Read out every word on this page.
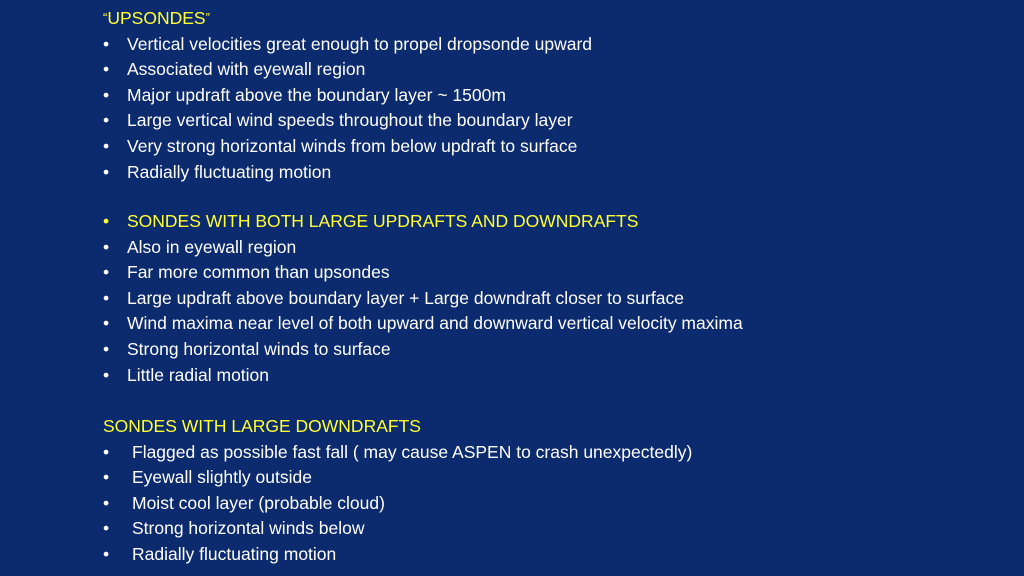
“UPSONDES”
•	Vertical velocities great enough to propel dropsonde upward
•	Associated with eyewall region
•	Major updraft above the boundary layer ~ 1500m
•	Large vertical wind speeds throughout the boundary layer
•	Very strong horizontal winds from below updraft to surface
•	Radially fluctuating motion
•	SONDES WITH BOTH LARGE UPDRAFTS AND DOWNDRAFTS
•	Also in eyewall region
•	Far more common than upsondes
•	Large updraft above boundary layer + Large downdraft closer to surface
•	Wind maxima near level of both upward and downward vertical velocity maxima
•	Strong horizontal winds to surface
•	Little radial motion
SONDES WITH LARGE DOWNDRAFTS
•	Flagged as possible fast fall ( may cause ASPEN to crash unexpectedly)
•	Eyewall slightly outside
•	Moist cool layer (probable cloud)
•	Strong horizontal winds below
•	Radially fluctuating motion
